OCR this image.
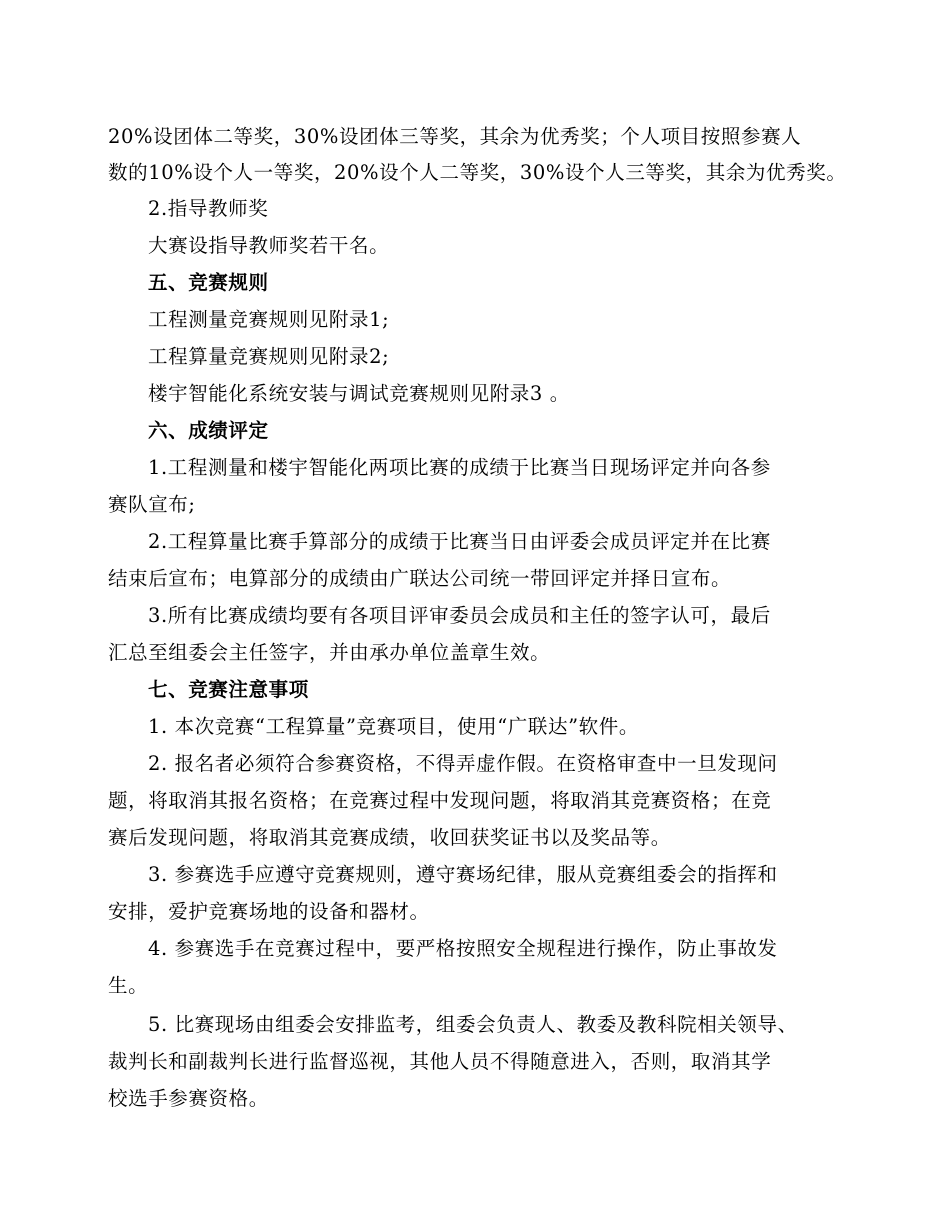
20%设团体二等奖，30%设团体三等奖，其余为优秀奖；个人项目按照参赛人
数的10%设个人一等奖，20%设个人二等奖，30%设个人三等奖，其余为优秀奖。
2.指导教师奖
大赛设指导教师奖若干名。
五、竞赛规则
工程测量竞赛规则见附录1;
工程算量竞赛规则见附录2;
楼宇智能化系统安装与调试竞赛规则见附录3 。
六、成绩评定
1.工程测量和楼宇智能化两项比赛的成绩于比赛当日现场评定并向各参
赛队宣布;
2.工程算量比赛手算部分的成绩于比赛当日由评委会成员评定并在比赛
结束后宣布；电算部分的成绩由广联达公司统一带回评定并择日宣布。
3.所有比赛成绩均要有各项目评审委员会成员和主任的签字认可，最后
汇总至组委会主任签字，并由承办单位盖章生效。
七、竞赛注意事项
1. 本次竞赛“工程算量”竞赛项目，使用“广联达”软件。
2. 报名者必须符合参赛资格，不得弄虚作假。在资格审查中一旦发现问
题，将取消其报名资格；在竞赛过程中发现问题，将取消其竞赛资格；在竞
赛后发现问题，将取消其竞赛成绩，收回获奖证书以及奖品等。
3. 参赛选手应遵守竞赛规则，遵守赛场纪律，服从竞赛组委会的指挥和
安排，爱护竞赛场地的设备和器材。
4. 参赛选手在竞赛过程中，要严格按照安全规程进行操作，防止事故发
生。
5. 比赛现场由组委会安排监考，组委会负责人、教委及教科院相关领导、
裁判长和副裁判长进行监督巡视，其他人员不得随意进入，否则，取消其学
校选手参赛资格。
